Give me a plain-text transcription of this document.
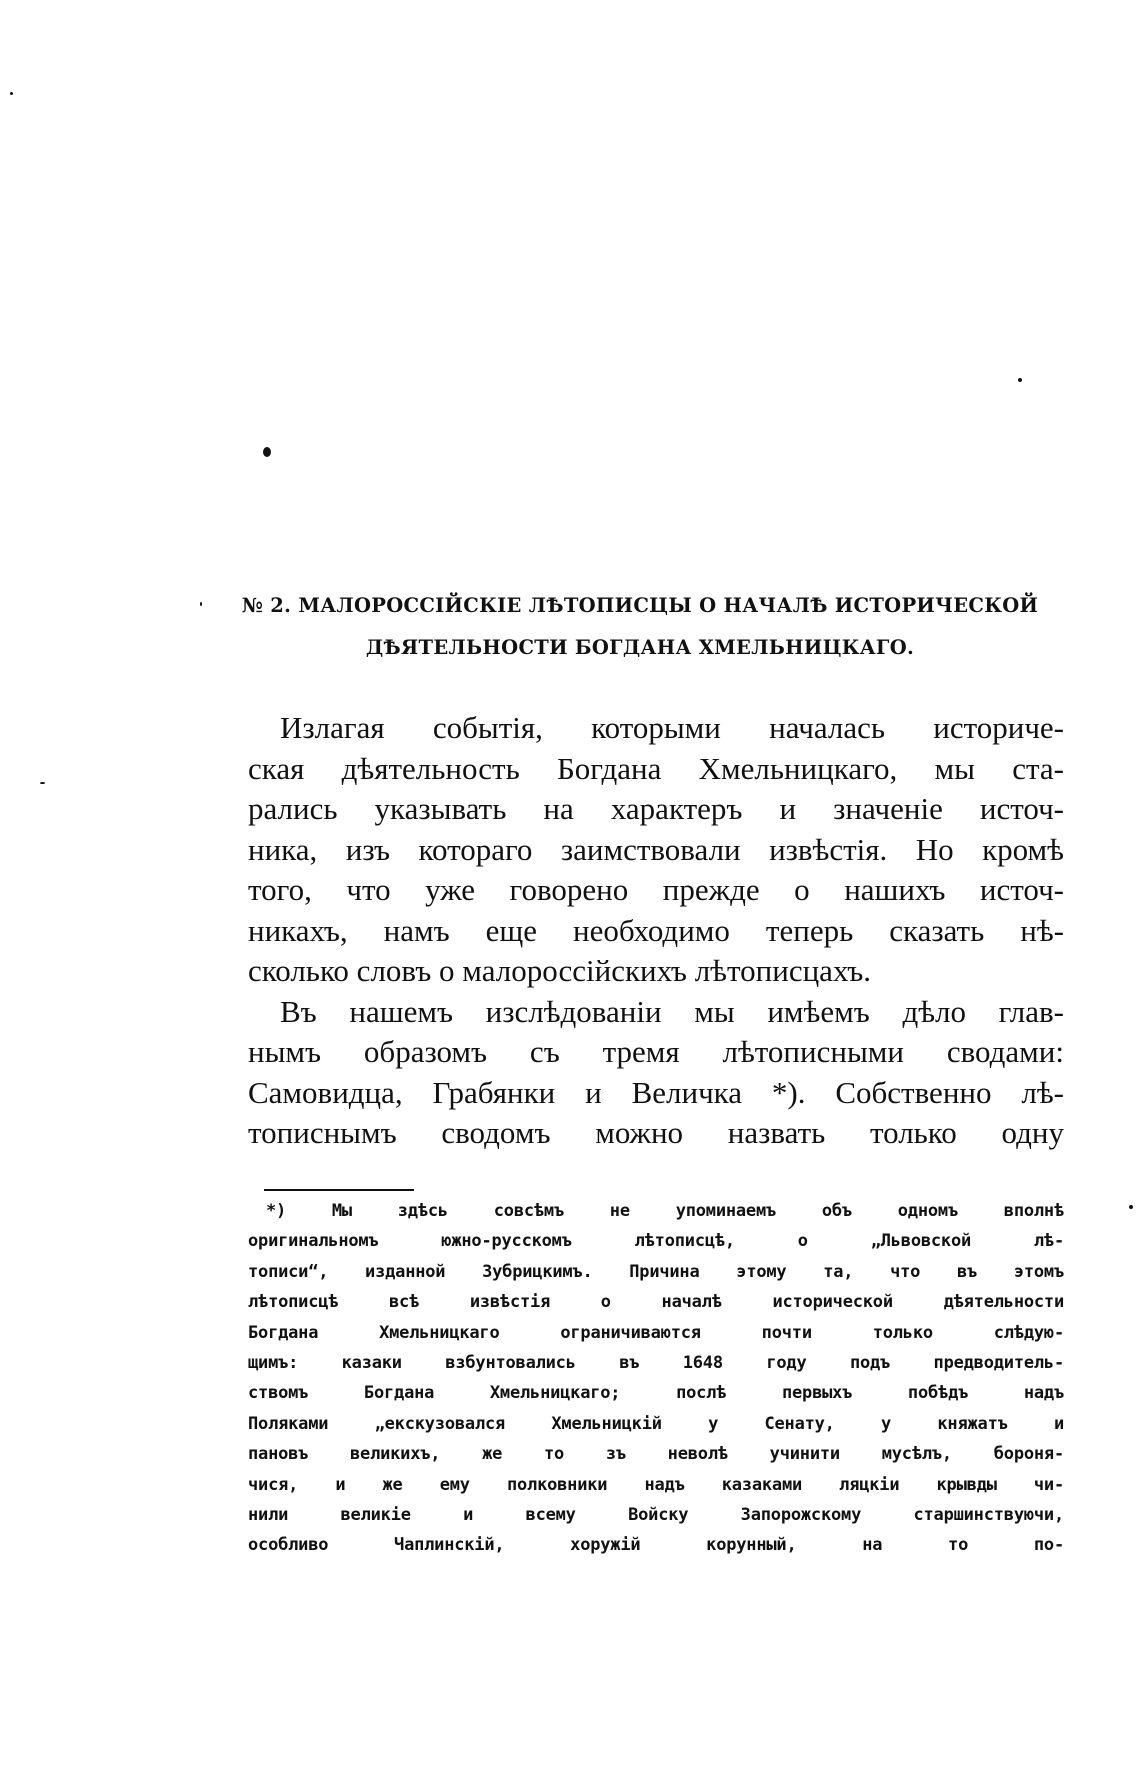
№ 2. МАЛОРОССІЙСКІЕ ЛѢТОПИСЦЫ О НАЧАЛѢ ИСТОРИЧЕСКОЙ
ДѢЯТЕЛЬНОСТИ БОГДАНА ХМЕЛЬНИЦКАГО.
Излагая событія, которыми началась историче-
ская дѣятельность Богдана Хмельницкаго, мы ста-
рались указывать на характеръ и значеніе источ-
ника, изъ котораго заимствовали извѣстія. Но кромѣ
того, что уже говорено прежде о нашихъ источ-
никахъ, намъ еще необходимо теперь сказать нѣ-
сколько словъ о малороссійскихъ лѣтописцахъ.
Въ нашемъ изслѣдованіи мы имѣемъ дѣло глав-
нымъ образомъ съ тремя лѣтописными сводами:
Самовидца, Грабянки и Величка *). Собственно лѣ-
тописнымъ сводомъ можно назвать только одну
*) Мы здѣсь совсѣмъ не упоминаемъ объ одномъ вполнѣ
оригинальномъ южно-русскомъ лѣтописцѣ, о „Львовской лѣ-
тописи“, изданной Зубрицкимъ. Причина этому та, что въ этомъ
лѣтописцѣ всѣ извѣстія о началѣ исторической дѣятельности
Богдана Хмельницкаго ограничиваются почти только слѣдую-
щимъ: казаки взбунтовались въ 1648 году подъ предводитель-
ствомъ Богдана Хмельницкаго; послѣ первыхъ побѣдъ надъ
Поляками „екскузовался Хмельницкій у Сенату, у княжатъ и
пановъ великихъ, же то зъ неволѣ учинити мусѣлъ, бороня-
чися, и же ему полковники надъ казаками ляцкіи крывды чи-
нили великіе и всему Войску Запорожскому старшинствуючи,
особливо Чаплинскій, хоружій корунный, на то по-
